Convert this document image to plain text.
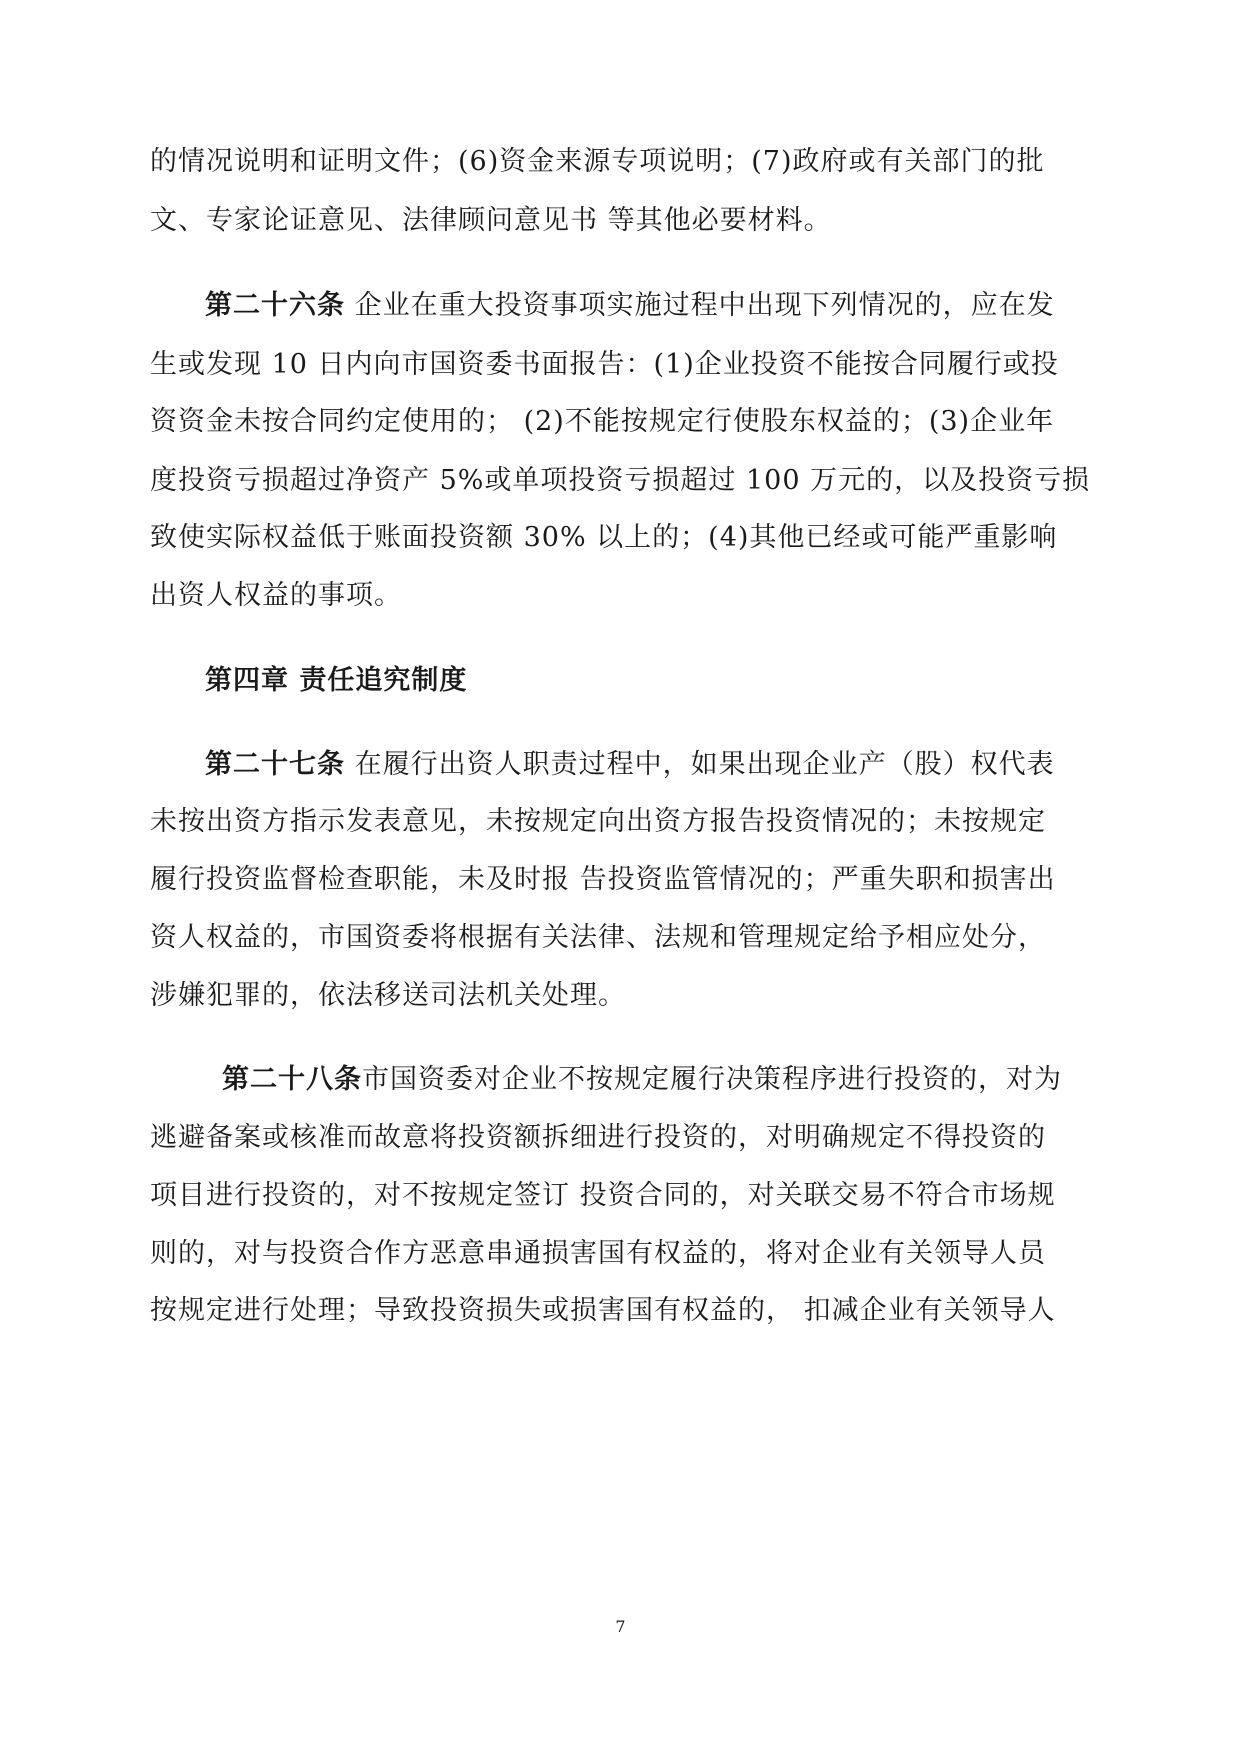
的情况说明和证明文件；(6)资金来源专项说明；(7)政府或有关部门的批
文、专家论证意见、法律顾问意见书 等其他必要材料。
第二十六条 企业在重大投资事项实施过程中出现下列情况的，应在发
生或发现 10 日内向市国资委书面报告：(1)企业投资不能按合同履行或投
资资金未按合同约定使用的； (2)不能按规定行使股东权益的；(3)企业年
度投资亏损超过净资产 5%或单项投资亏损超过 100 万元的，以及投资亏损
致使实际权益低于账面投资额 30% 以上的；(4)其他已经或可能严重影响
出资人权益的事项。
第四章 责任追究制度
第二十七条 在履行出资人职责过程中，如果出现企业产（股）权代表
未按出资方指示发表意见，未按规定向出资方报告投资情况的；未按规定
履行投资监督检查职能，未及时报 告投资监管情况的；严重失职和损害出
资人权益的，市国资委将根据有关法律、法规和管理规定给予相应处分，
涉嫌犯罪的，依法移送司法机关处理。
第二十八条市国资委对企业不按规定履行决策程序进行投资的，对为
逃避备案或核准而故意将投资额拆细进行投资的，对明确规定不得投资的
项目进行投资的，对不按规定签订 投资合同的，对关联交易不符合市场规
则的，对与投资合作方恶意串通损害国有权益的，将对企业有关领导人员
按规定进行处理；导致投资损失或损害国有权益的， 扣减企业有关领导人
7
